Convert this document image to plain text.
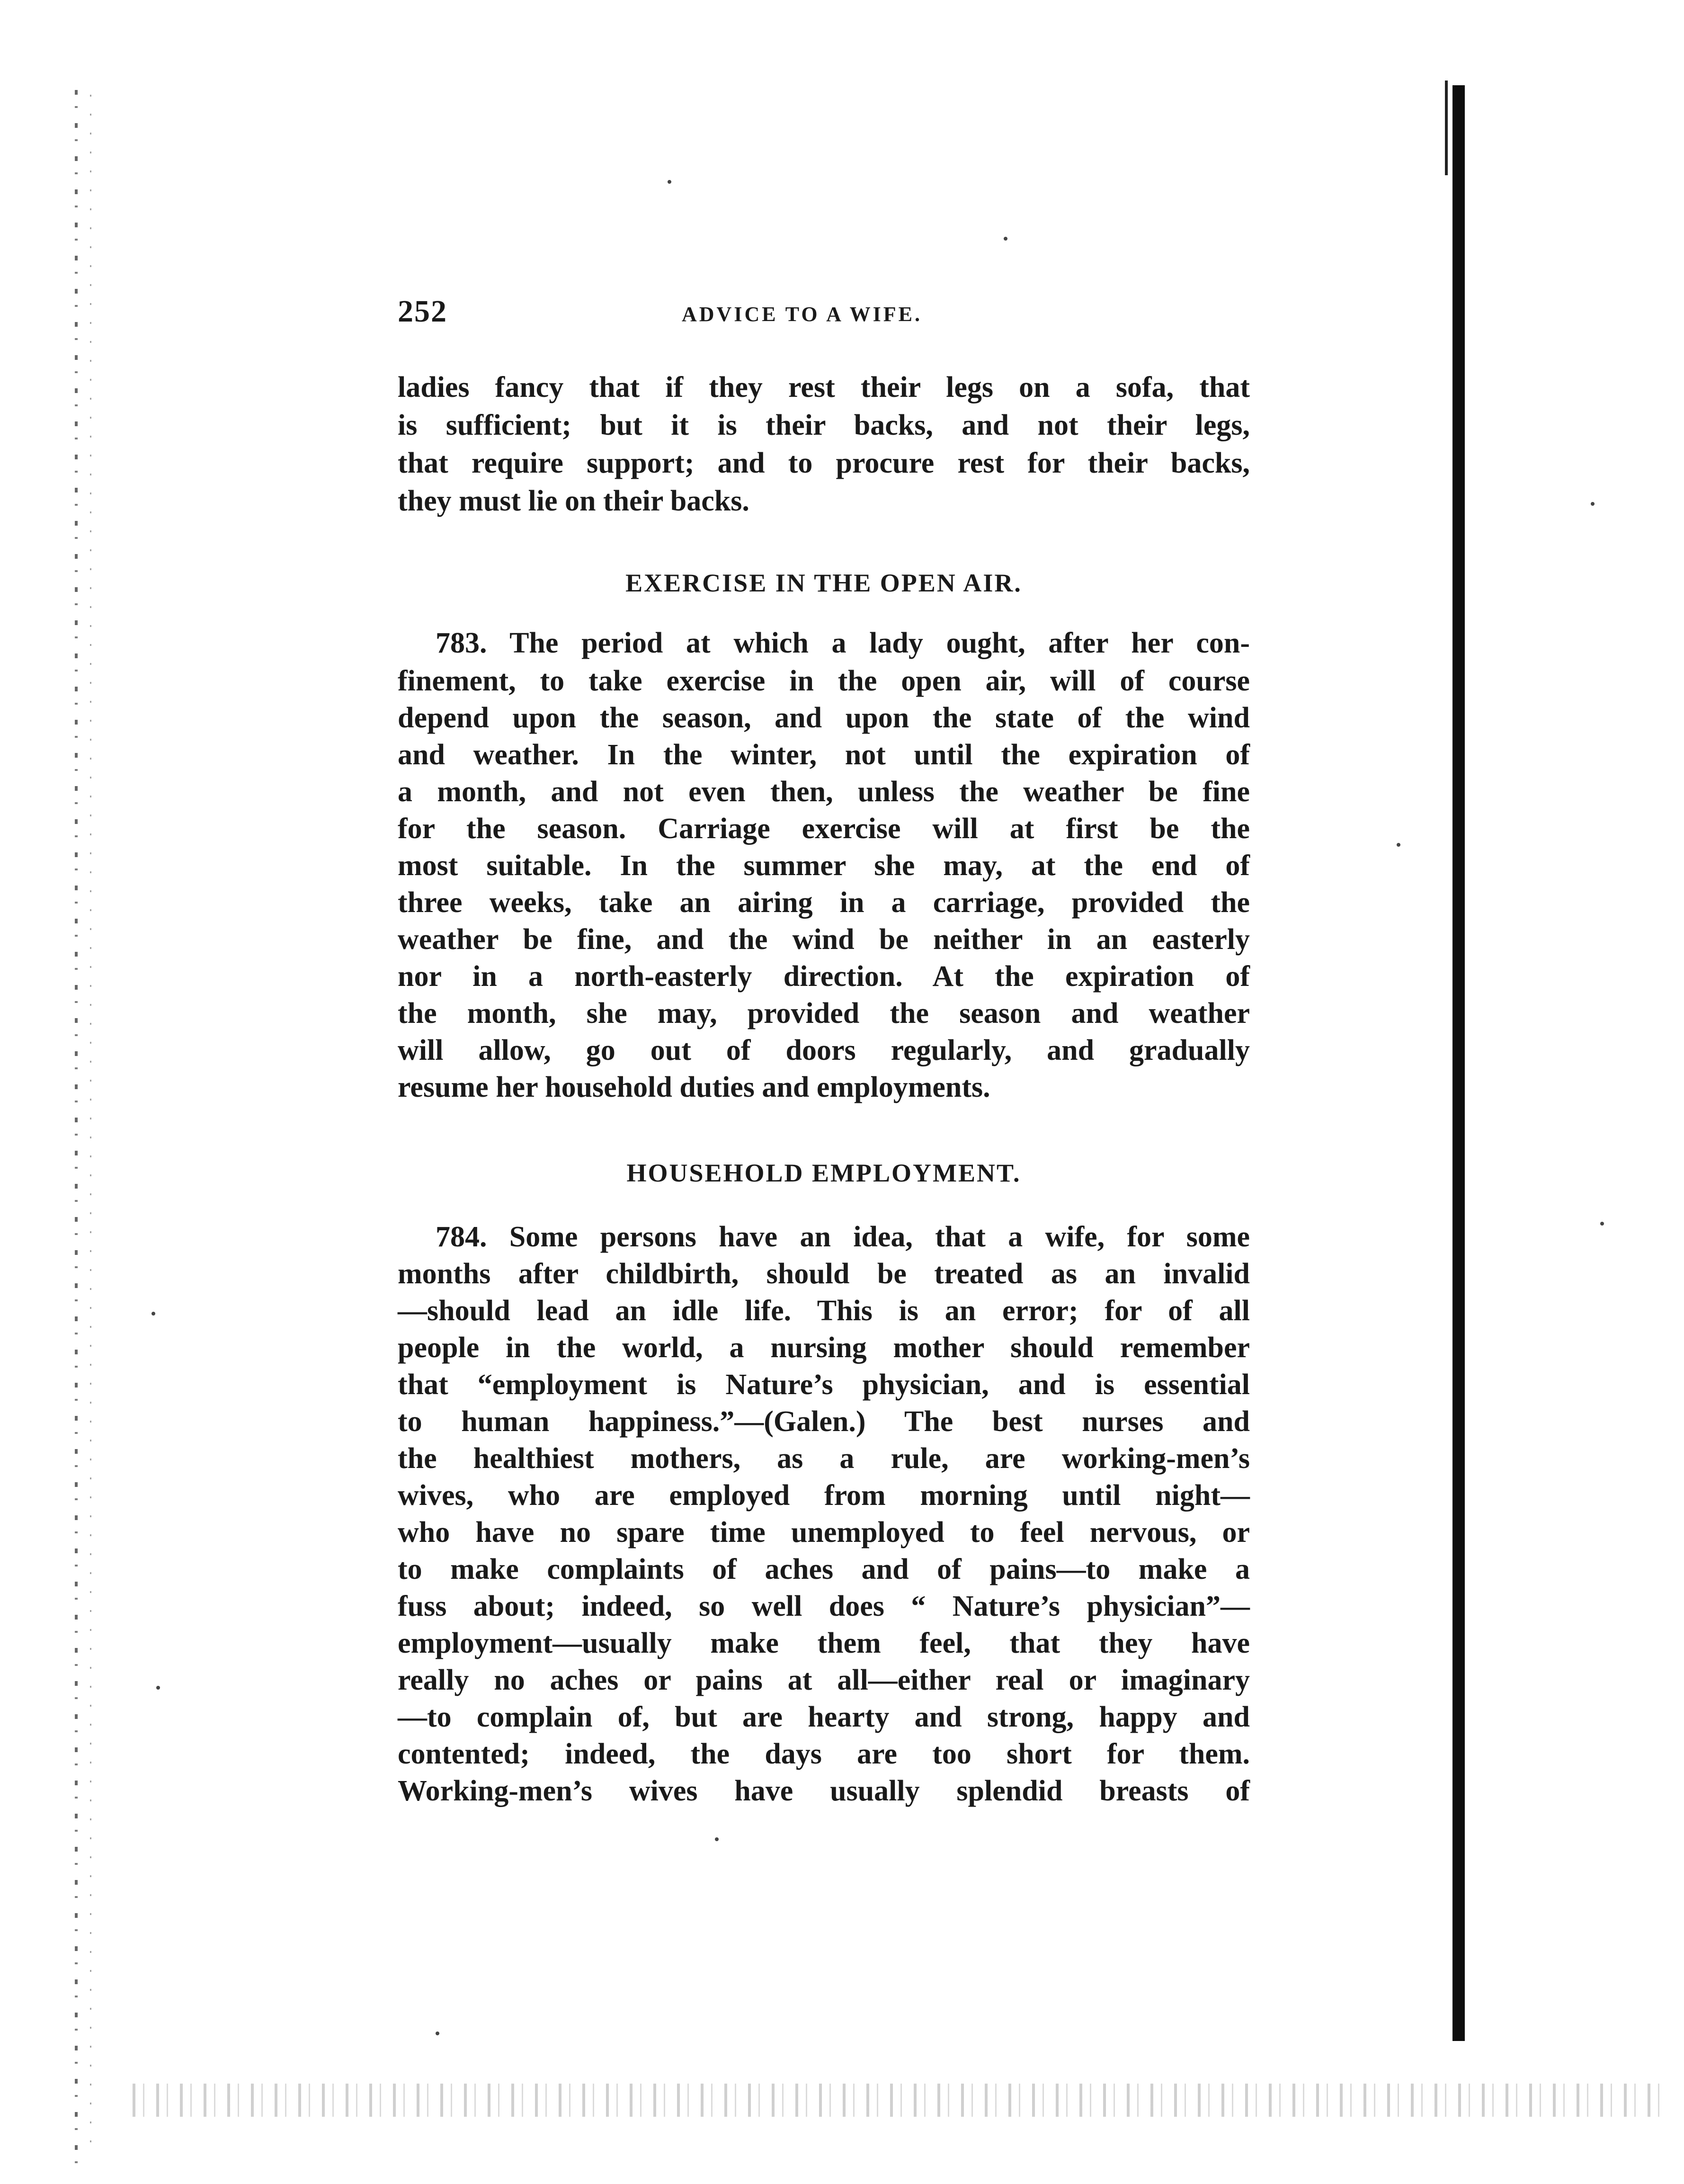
252	ADVICE TO A WIFE.
ladies fancy that if they rest their legs on a sofa, that
is sufficient; but it is their backs, and not their legs,
that require support; and to procure rest for their backs,
they must lie on their backs.
EXERCISE IN THE OPEN AIR.
783. The period at which a lady ought, after her con-
finement, to take exercise in the open air, will of course
depend upon the season, and upon the state of the wind
and weather. In the winter, not until the expiration of
a month, and not even then, unless the weather be fine
for the season. Carriage exercise will at first be the
most suitable. In the summer she may, at the end of
three weeks, take an airing in a carriage, provided the
weather be fine, and the wind be neither in an easterly
nor in a north-easterly direction. At the expiration of
the month, she may, provided the season and weather
will allow, go out of doors regularly, and gradually
resume her household duties and employments.
HOUSEHOLD EMPLOYMENT.
784. Some persons have an idea, that a wife, for some
months after childbirth, should be treated as an invalid
—should lead an idle life. This is an error; for of all
people in the world, a nursing mother should remember
that “employment is Nature’s physician, and is essential
to human happiness.”—(Galen.) The best nurses and
the healthiest mothers, as a rule, are working-men’s
wives, who are employed from morning until night—
who have no spare time unemployed to feel nervous, or
to make complaints of aches and of pains—to make a
fuss about; indeed, so well does “ Nature’s physician”—
employment—usually make them feel, that they have
really no aches or pains at all—either real or imaginary
—to complain of, but are hearty and strong, happy and
contented; indeed, the days are too short for them.
Working-men’s wives have usually splendid breasts of
